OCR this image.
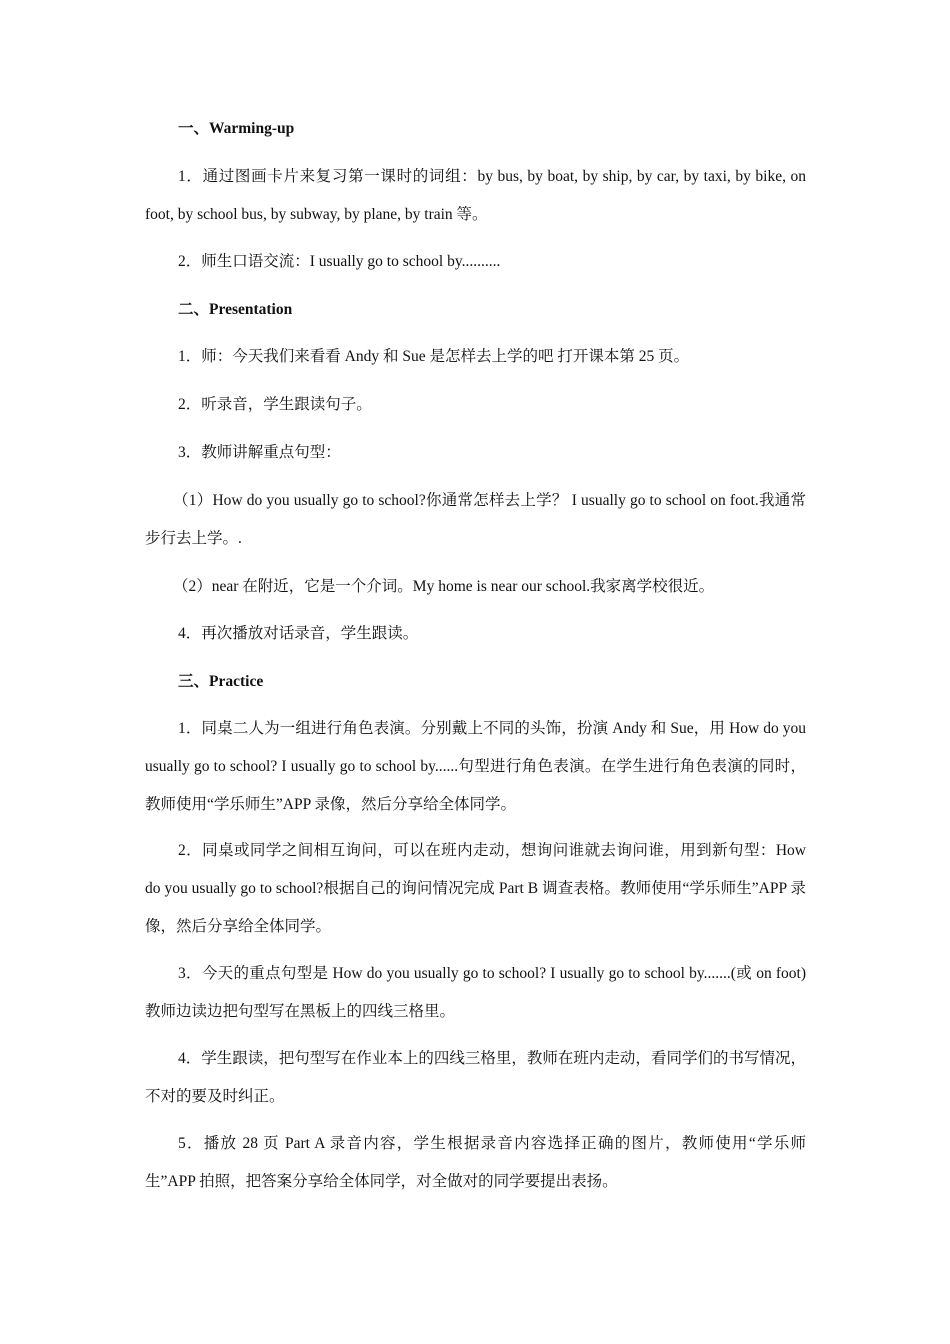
一、Warming-up

1．通过图画卡片来复习第一课时的词组：by bus, by boat, by ship, by car, by taxi, by bike, on foot, by school bus, by subway, by plane, by train 等。

2．师生口语交流：I usually go to school by..........

二、Presentation

1．师：今天我们来看看 Andy 和 Sue 是怎样去上学的吧 打开课本第 25 页。

2．听录音，学生跟读句子。

3．教师讲解重点句型：

（1）How do you usually go to school?你通常怎样去上学？ I usually go to school on foot.我通常步行去上学。.

（2）near 在附近，它是一个介词。My home is near our school.我家离学校很近。

4．再次播放对话录音，学生跟读。

三、Practice

1．同桌二人为一组进行角色表演。分别戴上不同的头饰，扮演 Andy 和 Sue，用 How do you usually go to school? I usually go to school by......句型进行角色表演。在学生进行角色表演的同时，教师使用“学乐师生”APP 录像，然后分享给全体同学。

2．同桌或同学之间相互询问，可以在班内走动，想询问谁就去询问谁，用到新句型：How do you usually go to school?根据自己的询问情况完成 Part B 调查表格。教师使用“学乐师生”APP 录像，然后分享给全体同学。

3．今天的重点句型是 How do you usually go to school? I usually go to school by.......(或 on foot)教师边读边把句型写在黑板上的四线三格里。

4．学生跟读，把句型写在作业本上的四线三格里，教师在班内走动，看同学们的书写情况，不对的要及时纠正。

5．播放 28 页 Part A 录音内容，学生根据录音内容选择正确的图片，教师使用“学乐师生”APP 拍照，把答案分享给全体同学，对全做对的同学要提出表扬。
